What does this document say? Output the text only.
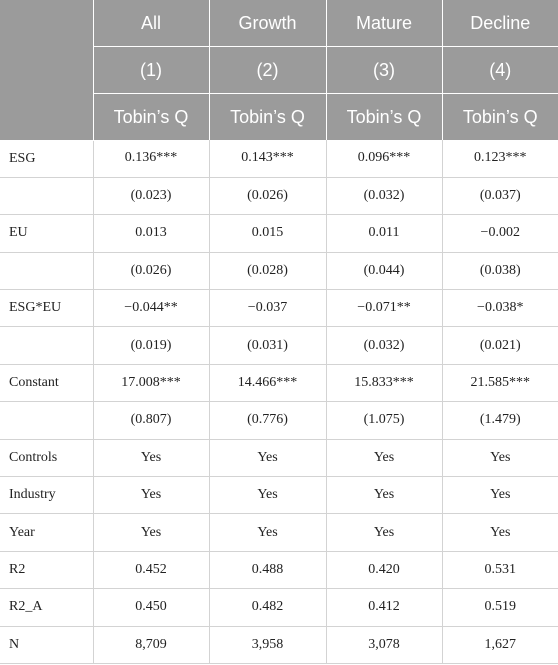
	All	Growth	Mature	Decline
	(1)	(2)	(3)	(4)
	Tobin’s Q	Tobin’s Q	Tobin’s Q	Tobin’s Q
ESG	0.136***	0.143***	0.096***	0.123***
	(0.023)	(0.026)	(0.032)	(0.037)
EU	0.013	0.015	0.011	−0.002
	(0.026)	(0.028)	(0.044)	(0.038)
ESG*EU	−0.044**	−0.037	−0.071**	−0.038*
	(0.019)	(0.031)	(0.032)	(0.021)
Constant	17.008***	14.466***	15.833***	21.585***
	(0.807)	(0.776)	(1.075)	(1.479)
Controls	Yes	Yes	Yes	Yes
Industry	Yes	Yes	Yes	Yes
Year	Yes	Yes	Yes	Yes
R2	0.452	0.488	0.420	0.531
R2_A	0.450	0.482	0.412	0.519
N	8,709	3,958	3,078	1,627
